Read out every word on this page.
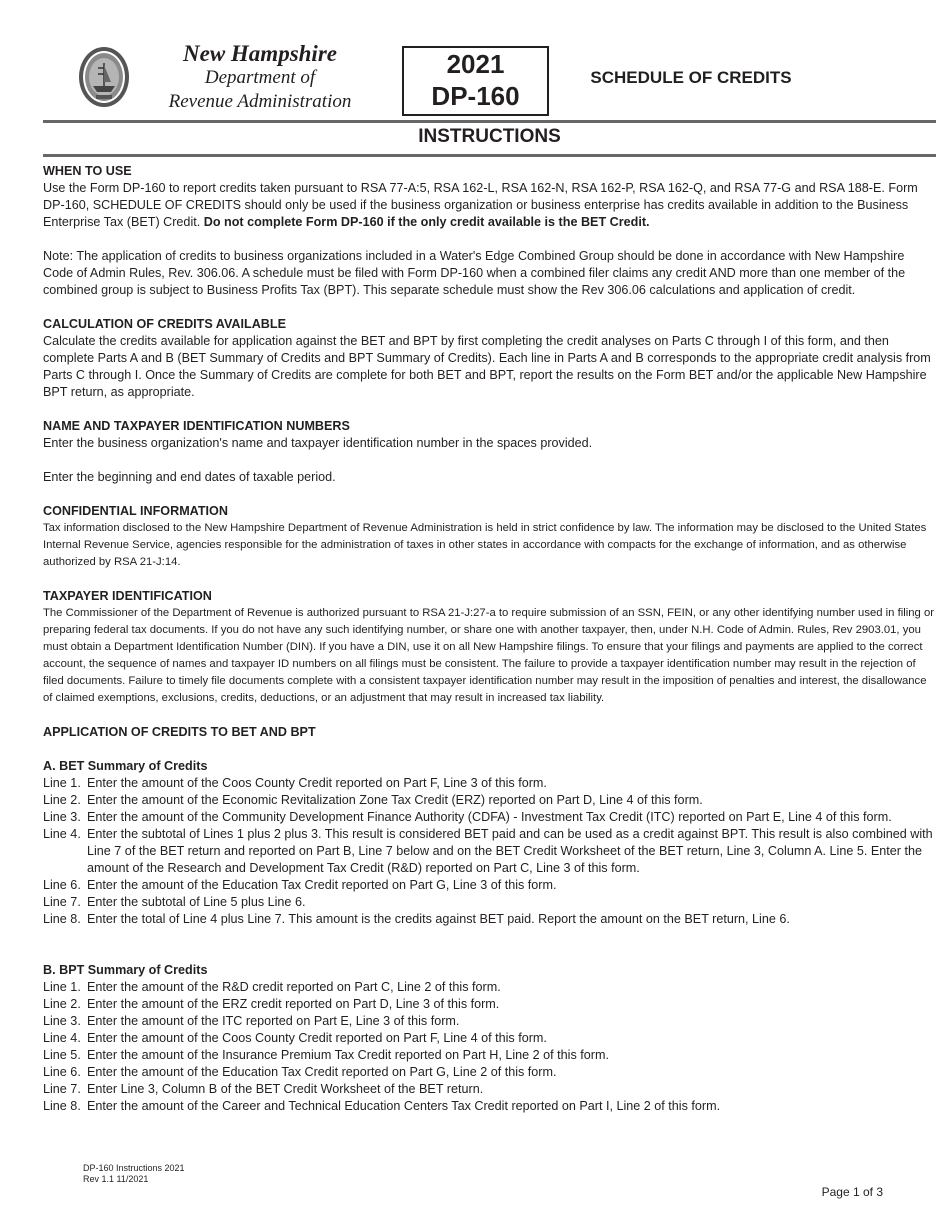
New Hampshire
Department of
Revenue Administration
2021
DP-160
SCHEDULE OF CREDITS
INSTRUCTIONS
WHEN TO USE

Use the Form DP-160 to report credits taken pursuant to RSA 77-A:5, RSA 162-L, RSA 162-N, RSA 162-P, RSA 162-Q, and RSA 77-G and RSA 188-E. Form DP-160, SCHEDULE OF CREDITS should only be used if the business organization or business enterprise has credits available in addition to the Business Enterprise Tax (BET) Credit. Do not complete Form DP-160 if the only credit available is the BET Credit.

Note: The application of credits to business organizations included in a Water's Edge Combined Group should be done in accordance with New Hampshire Code of Admin Rules, Rev. 306.06. A schedule must be filed with Form DP-160 when a combined filer claims any credit AND more than one member of the combined group is subject to Business Profits Tax (BPT). This separate schedule must show the Rev 306.06 calculations and application of credit.

CALCULATION OF CREDITS AVAILABLE

Calculate the credits available for application against the BET and BPT by first completing the credit analyses on Parts C through I of this form, and then complete Parts A and B (BET Summary of Credits and BPT Summary of Credits). Each line in Parts A and B corresponds to the appropriate credit analysis from Parts C through I. Once the Summary of Credits are complete for both BET and BPT, report the results on the Form BET and/or the applicable New Hampshire BPT return, as appropriate.

NAME AND TAXPAYER IDENTIFICATION NUMBERS

Enter the business organization's name and taxpayer identification number in the spaces provided.

Enter the beginning and end dates of taxable period.

CONFIDENTIAL INFORMATION

Tax information disclosed to the New Hampshire Department of Revenue Administration is held in strict confidence by law. The information may be disclosed to the United States Internal Revenue Service, agencies responsible for the administration of taxes in other states in accordance with compacts for the exchange of information, and as otherwise authorized by RSA 21-J:14.

TAXPAYER IDENTIFICATION

The Commissioner of the Department of Revenue is authorized pursuant to RSA 21-J:27-a to require submission of an SSN, FEIN, or any other identifying number used in filing or preparing federal tax documents. If you do not have any such identifying number, or share one with another taxpayer, then, under N.H. Code of Admin. Rules, Rev 2903.01, you must obtain a Department Identification Number (DIN). If you have a DIN, use it on all New Hampshire filings. To ensure that your filings and payments are applied to the correct account, the sequence of names and taxpayer ID numbers on all filings must be consistent. The failure to provide a taxpayer identification number may result in the rejection of filed documents. Failure to timely file documents complete with a consistent taxpayer identification number may result in the imposition of penalties and interest, the disallowance of claimed exemptions, exclusions, credits, deductions, or an adjustment that may result in increased tax liability.

APPLICATION OF CREDITS TO BET AND BPT
A. BET Summary of Credits
Line 1. Enter the amount of the Coos County Credit reported on Part F, Line 3 of this form.
Line 2. Enter the amount of the Economic Revitalization Zone Tax Credit (ERZ) reported on Part D, Line 4 of this form.
Line 3. Enter the amount of the Community Development Finance Authority (CDFA) - Investment Tax Credit (ITC) reported on Part E, Line 4 of this form.
Line 4. Enter the subtotal of Lines 1 plus 2 plus 3. This result is considered BET paid and can be used as a credit against BPT. This result is also combined with Line 7 of the BET return and reported on Part B, Line 7 below and on the BET Credit Worksheet of the BET return, Line 3, Column A. Line 5. Enter the amount of the Research and Development Tax Credit (R&D) reported on Part C, Line 3 of this form.
Line 6. Enter the amount of the Education Tax Credit reported on Part G, Line 3 of this form.
Line 7. Enter the subtotal of Line 5 plus Line 6.
Line 8. Enter the total of Line 4 plus Line 7. This amount is the credits against BET paid. Report the amount on the BET return, Line 6.
B. BPT Summary of Credits
Line 1. Enter the amount of the R&D credit reported on Part C, Line 2 of this form.
Line 2. Enter the amount of the ERZ credit reported on Part D, Line 3 of this form.
Line 3. Enter the amount of the ITC reported on Part E, Line 3 of this form.
Line 4. Enter the amount of the Coos County Credit reported on Part F, Line 4 of this form.
Line 5. Enter the amount of the Insurance Premium Tax Credit reported on Part H, Line 2 of this form.
Line 6. Enter the amount of the Education Tax Credit reported on Part G, Line 2 of this form.
Line 7. Enter Line 3, Column B of the BET Credit Worksheet of the BET return.
Line 8. Enter the amount of the Career and Technical Education Centers Tax Credit reported on Part I, Line 2 of this form.
DP-160 Instructions 2021
Rev 1.1 11/2021
Page 1 of 3
